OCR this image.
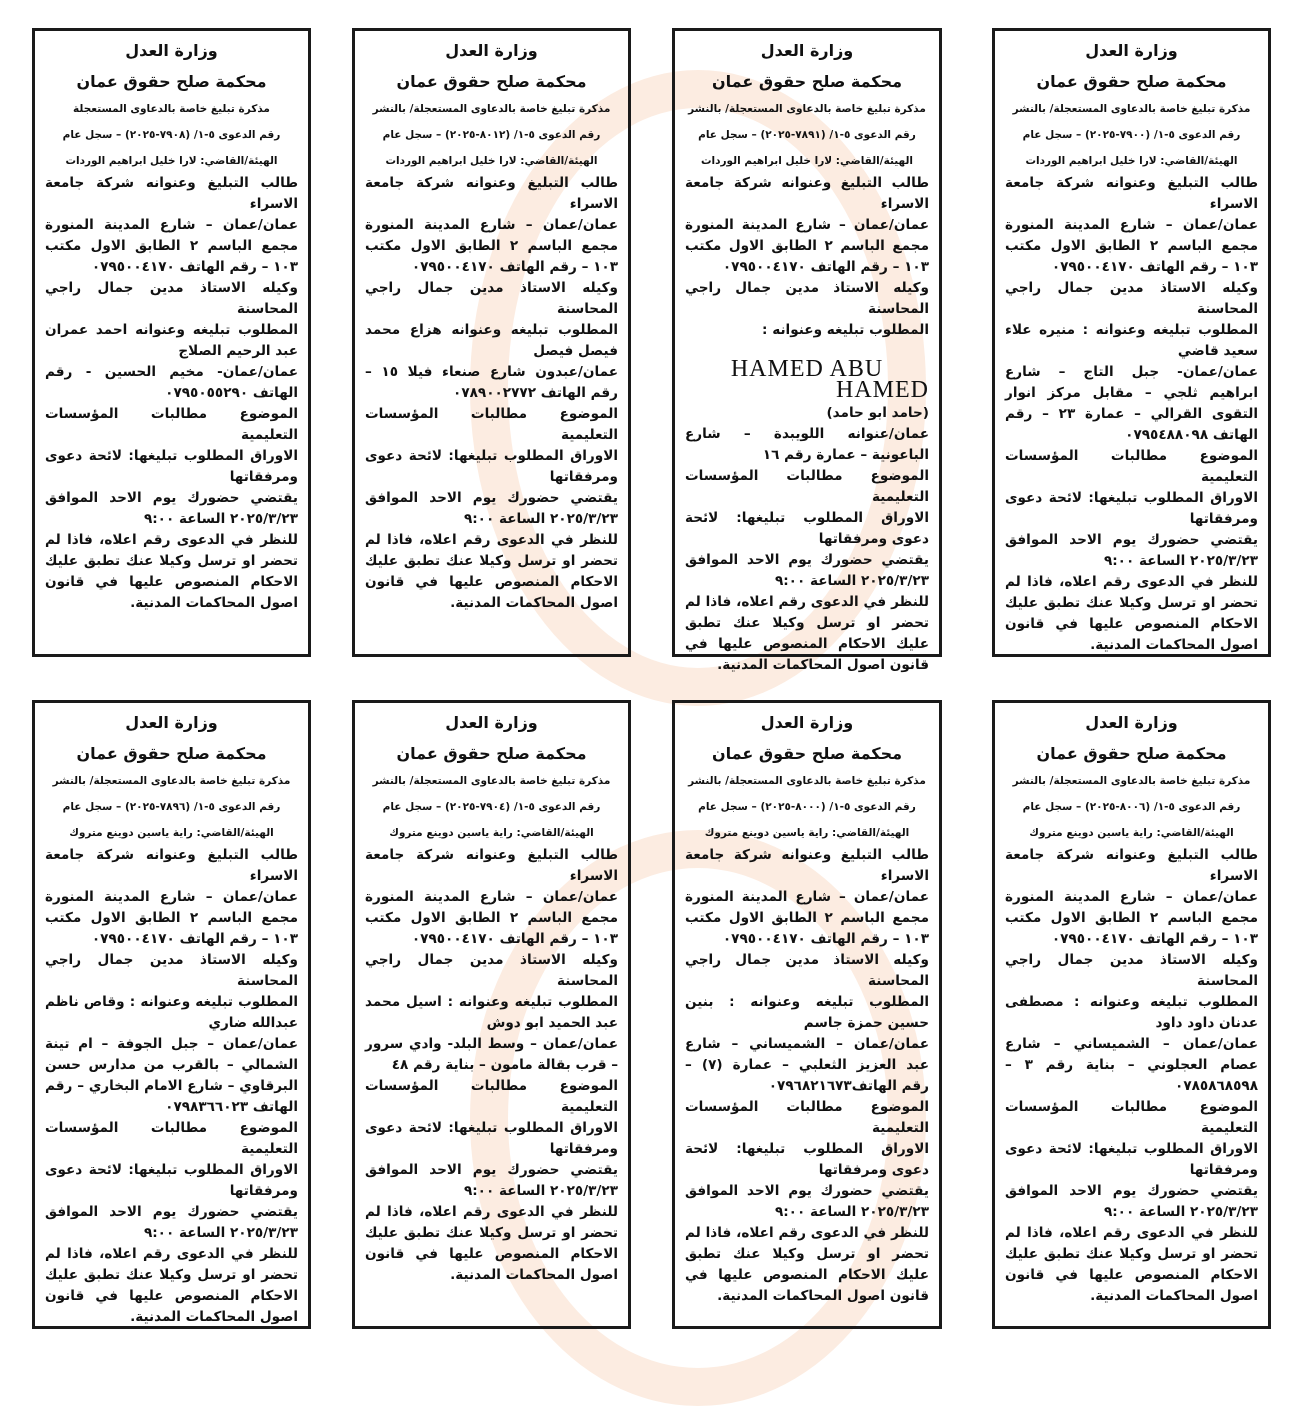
وزارة العدل
محكمة صلح حقوق عمان
مذكرة تبليغ خاصة بالدعاوى المستعجلة/ بالنشر
رقم الدعوى ٥-١/ (٧٩٠٠-٢٠٢٥) – سجل عام
الهيئة/القاضي: لارا خليل ابراهيم الوردات
طالب التبليغ وعنوانه شركة جامعة الاسراء
عمان/عمان – شارع المدينة المنورة مجمع الباسم ٢ الطابق الاول مكتب ١٠٣ – رقم الهاتف ٠٧٩٥٠٠٤١٧٠
وكيله الاستاذ مدين جمال راجي المحاسنة
المطلوب تبليغه وعنوانه : منيره علاء سعيد قاضي
عمان/عمان- جبل التاج – شارع ابراهيم ثلجي – مقابل مركز انوار التقوى القرالي – عمارة ٢٣ – رقم الهاتف ٠٧٩٥٤٨٨٠٩٨
الموضوع مطالبات المؤسسات التعليمية
الاوراق المطلوب تبليغها: لائحة دعوى ومرفقاتها
يقتضي حضورك يوم الاحد الموافق ٢٠٢٥/٣/٢٣ الساعة ٩:٠٠
للنظر في الدعوى رقم اعلاه، فاذا لم تحضر او ترسل وكيلا عنك تطبق عليك الاحكام المنصوص عليها في قانون اصول المحاكمات المدنية.
وزارة العدل
محكمة صلح حقوق عمان
مذكرة تبليغ خاصة بالدعاوى المستعجلة/ بالنشر
رقم الدعوى ٥-١/ (٧٨٩١-٢٠٢٥) – سجل عام
الهيئة/القاضي: لارا خليل ابراهيم الوردات
طالب التبليغ وعنوانه شركة جامعة الاسراء
عمان/عمان – شارع المدينة المنورة مجمع الباسم ٢ الطابق الاول مكتب ١٠٣ – رقم الهاتف ٠٧٩٥٠٠٤١٧٠
وكيله الاستاذ مدين جمال راجي المحاسنة
المطلوب تبليغه وعنوانه :
HAMED ABU HAMED
(حامد ابو حامد)
عمان/عنوانه اللويبدة – شارع الباعونية – عمارة رقم ١٦
الموضوع مطالبات المؤسسات التعليمية
الاوراق المطلوب تبليغها: لائحة دعوى ومرفقاتها
يقتضي حضورك يوم الاحد الموافق ٢٠٢٥/٣/٢٣ الساعة ٩:٠٠
للنظر في الدعوى رقم اعلاه، فاذا لم تحضر او ترسل وكيلا عنك تطبق عليك الاحكام المنصوص عليها في قانون اصول المحاكمات المدنية.
وزارة العدل
محكمة صلح حقوق عمان
مذكرة تبليغ خاصة بالدعاوى المستعجلة/ بالنشر
رقم الدعوى ٥-١/ (٨٠١٢-٢٠٢٥) – سجل عام
الهيئة/القاضي: لارا خليل ابراهيم الوردات
طالب التبليغ وعنوانه شركة جامعة الاسراء
عمان/عمان – شارع المدينة المنورة مجمع الباسم ٢ الطابق الاول مكتب ١٠٣ – رقم الهاتف ٠٧٩٥٠٠٤١٧٠
وكيله الاستاذ مدين جمال راجي المحاسنة
المطلوب تبليغه وعنوانه هزاع محمد فيصل فيصل
عمان/عبدون شارع صنعاء فيلا ١٥ – رقم الهاتف ٠٧٨٩٠٠٢٧٧٢
الموضوع مطالبات المؤسسات التعليمية
الاوراق المطلوب تبليغها: لائحة دعوى ومرفقاتها
يقتضي حضورك يوم الاحد الموافق ٢٠٢٥/٣/٢٣ الساعة ٩:٠٠
للنظر في الدعوى رقم اعلاه، فاذا لم تحضر او ترسل وكيلا عنك تطبق عليك الاحكام المنصوص عليها في قانون اصول المحاكمات المدنية.
وزارة العدل
محكمة صلح حقوق عمان
مذكرة تبليغ خاصة بالدعاوى المستعجلة
رقم الدعوى ٥-١/ (٧٩٠٨-٢٠٢٥) – سجل عام
الهيئة/القاضي: لارا خليل ابراهيم الوردات
طالب التبليغ وعنوانه شركة جامعة الاسراء
عمان/عمان – شارع المدينة المنورة مجمع الباسم ٢ الطابق الاول مكتب ١٠٣ – رقم الهاتف ٠٧٩٥٠٠٤١٧٠
وكيله الاستاذ مدين جمال راجي المحاسنة
المطلوب تبليغه وعنوانه احمد عمران عبد الرحيم الصلاج
عمان/عمان- مخيم الحسين - رقم الهاتف ٠٧٩٥٠٥٥٢٩٠
الموضوع مطالبات المؤسسات التعليمية
الاوراق المطلوب تبليغها: لائحة دعوى ومرفقاتها
يقتضي حضورك يوم الاحد الموافق ٢٠٢٥/٣/٢٣ الساعة ٩:٠٠
للنظر في الدعوى رقم اعلاه، فاذا لم تحضر او ترسل وكيلا عنك تطبق عليك الاحكام المنصوص عليها في قانون اصول المحاكمات المدنية.
وزارة العدل
محكمة صلح حقوق عمان
مذكرة تبليغ خاصة بالدعاوى المستعجلة/ بالنشر
رقم الدعوى ٥-١/ (٨٠٠٦-٢٠٢٥) – سجل عام
الهيئة/القاضي: راية ياسين دوينع متروك
طالب التبليغ وعنوانه شركة جامعة الاسراء
عمان/عمان – شارع المدينة المنورة مجمع الباسم ٢ الطابق الاول مكتب ١٠٣ – رقم الهاتف ٠٧٩٥٠٠٤١٧٠
وكيله الاستاذ مدين جمال راجي المحاسنة
المطلوب تبليغه وعنوانه : مصطفى عدنان داود داود
عمان/عمان – الشميساني – شارع عصام العجلوني – بناية رقم ٣ – ٠٧٨٥٨٦٨٥٩٨
الموضوع مطالبات المؤسسات التعليمية
الاوراق المطلوب تبليغها: لائحة دعوى ومرفقاتها
يقتضي حضورك يوم الاحد الموافق ٢٠٢٥/٣/٢٣ الساعة ٩:٠٠
للنظر في الدعوى رقم اعلاه، فاذا لم تحضر او ترسل وكيلا عنك تطبق عليك الاحكام المنصوص عليها في قانون اصول المحاكمات المدنية.
وزارة العدل
محكمة صلح حقوق عمان
مذكرة تبليغ خاصة بالدعاوى المستعجلة/ بالنشر
رقم الدعوى ٥-١/ (٨٠٠٠-٢٠٢٥) – سجل عام
الهيئة/القاضي: راية ياسين دوينع متروك
طالب التبليغ وعنوانه شركة جامعة الاسراء
عمان/عمان – شارع المدينة المنورة مجمع الباسم ٢ الطابق الاول مكتب ١٠٣ – رقم الهاتف ٠٧٩٥٠٠٤١٧٠
وكيله الاستاذ مدين جمال راجي المحاسنة
المطلوب تبليغه وعنوانه : بنين حسين حمزة جاسم
عمان/عمان – الشميساني – شارع عبد العزيز الثعلبي – عمارة (٧) – رقم الهاتف٠٧٩٦٨٢١٦٧٣
الموضوع مطالبات المؤسسات التعليمية
الاوراق المطلوب تبليغها: لائحة دعوى ومرفقاتها
يقتضي حضورك يوم الاحد الموافق ٢٠٢٥/٣/٢٣ الساعة ٩:٠٠
للنظر في الدعوى رقم اعلاه، فاذا لم تحضر او ترسل وكيلا عنك تطبق عليك الاحكام المنصوص عليها في قانون اصول المحاكمات المدنية.
وزارة العدل
محكمة صلح حقوق عمان
مذكرة تبليغ خاصة بالدعاوى المستعجلة/ بالنشر
رقم الدعوى ٥-١/ (٧٩٠٤-٢٠٢٥) – سجل عام
الهيئة/القاضي: راية ياسين دوينع متروك
طالب التبليغ وعنوانه شركة جامعة الاسراء
عمان/عمان – شارع المدينة المنورة مجمع الباسم ٢ الطابق الاول مكتب ١٠٣ – رقم الهاتف ٠٧٩٥٠٠٤١٧٠
وكيله الاستاذ مدين جمال راجي المحاسنة
المطلوب تبليغه وعنوانه : اسيل محمد عبد الحميد ابو دوش
عمان/عمان – وسط البلد- وادي سرور – قرب بقالة مامون – بناية رقم ٤٨
الموضوع مطالبات المؤسسات التعليمية
الاوراق المطلوب تبليغها: لائحة دعوى ومرفقاتها
يقتضي حضورك يوم الاحد الموافق ٢٠٢٥/٣/٢٣ الساعة ٩:٠٠
للنظر في الدعوى رقم اعلاه، فاذا لم تحضر او ترسل وكيلا عنك تطبق عليك الاحكام المنصوص عليها في قانون اصول المحاكمات المدنية.
وزارة العدل
محكمة صلح حقوق عمان
مذكرة تبليغ خاصة بالدعاوى المستعجلة/ بالنشر
رقم الدعوى ٥-١/ (٧٨٩٦-٢٠٢٥) – سجل عام
الهيئة/القاضي: راية ياسين دوينع متروك
طالب التبليغ وعنوانه شركة جامعة الاسراء
عمان/عمان – شارع المدينة المنورة مجمع الباسم ٢ الطابق الاول مكتب ١٠٣ – رقم الهاتف ٠٧٩٥٠٠٤١٧٠
وكيله الاستاذ مدين جمال راجي المحاسنة
المطلوب تبليغه وعنوانه : وقاص ناظم عبدالله ضاري
عمان/عمان – جبل الجوفة – ام تينة الشمالي – بالقرب من مدارس حسن البرقاوي – شارع الامام البخاري – رقم الهاتف ٠٧٩٨٣٦٦٠٢٣
الموضوع مطالبات المؤسسات التعليمية
الاوراق المطلوب تبليغها: لائحة دعوى ومرفقاتها
يقتضي حضورك يوم الاحد الموافق ٢٠٢٥/٣/٢٣ الساعة ٩:٠٠
للنظر في الدعوى رقم اعلاه، فاذا لم تحضر او ترسل وكيلا عنك تطبق عليك الاحكام المنصوص عليها في قانون اصول المحاكمات المدنية.
